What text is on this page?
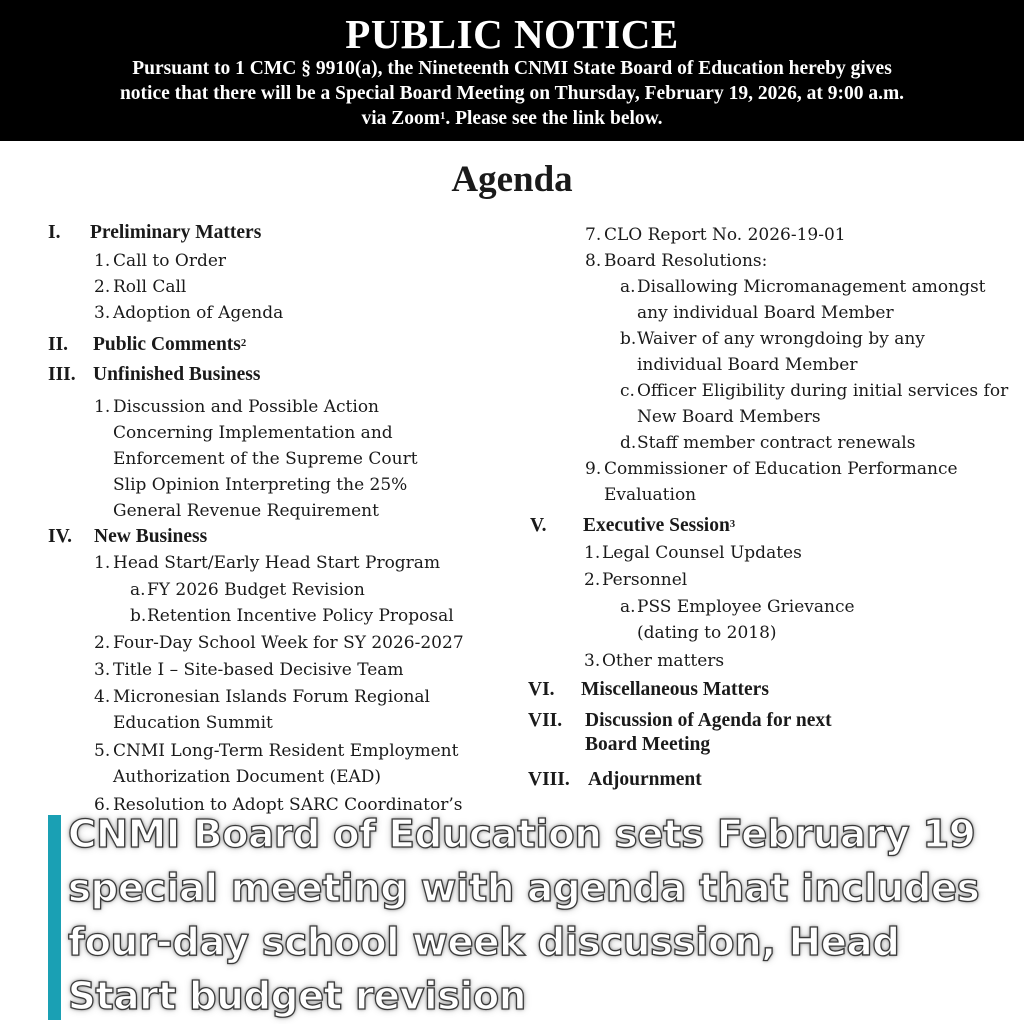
PUBLIC NOTICE
Pursuant to 1 CMC § 9910(a), the Nineteenth CNMI State Board of Education hereby gives
notice that there will be a Special Board Meeting on Thursday, February 19, 2026, at 9:00 a.m.
via Zoom$^1$. Please see the link below.
Agenda
I. Preliminary Matters
1. Call to Order
2. Roll Call
3. Adoption of Agenda
II. Public Comments$^2$
III. Unfinished Business
1. Discussion and Possible Action
Concerning Implementation and
Enforcement of the Supreme Court
Slip Opinion Interpreting the 25%
General Revenue Requirement
IV. New Business
1. Head Start/Early Head Start Program
a. FY 2026 Budget Revision
b. Retention Incentive Policy Proposal
2. Four-Day School Week for SY 2026-2027
3. Title I – Site-based Decisive Team
4. Micronesian Islands Forum Regional
Education Summit
5. CNMI Long-Term Resident Employment
Authorization Document (EAD)
6. Resolution to Adopt SARC Coordinator’s
7. CLO Report No. 2026-19-01
8. Board Resolutions:
a. Disallowing Micromanagement amongst
any individual Board Member
b. Waiver of any wrongdoing by any
individual Board Member
c. Officer Eligibility during initial services for
New Board Members
d. Staff member contract renewals
9. Commissioner of Education Performance
Evaluation
V. Executive Session$^3$
1. Legal Counsel Updates
2. Personnel
a. PSS Employee Grievance
(dating to 2018)
3. Other matters
VI. Miscellaneous Matters
VII. Discussion of Agenda for next
Board Meeting
VIII. Adjournment
CNMI Board of Education sets February 19
special meeting with agenda that includes
four-day school week discussion, Head
Start budget revision
